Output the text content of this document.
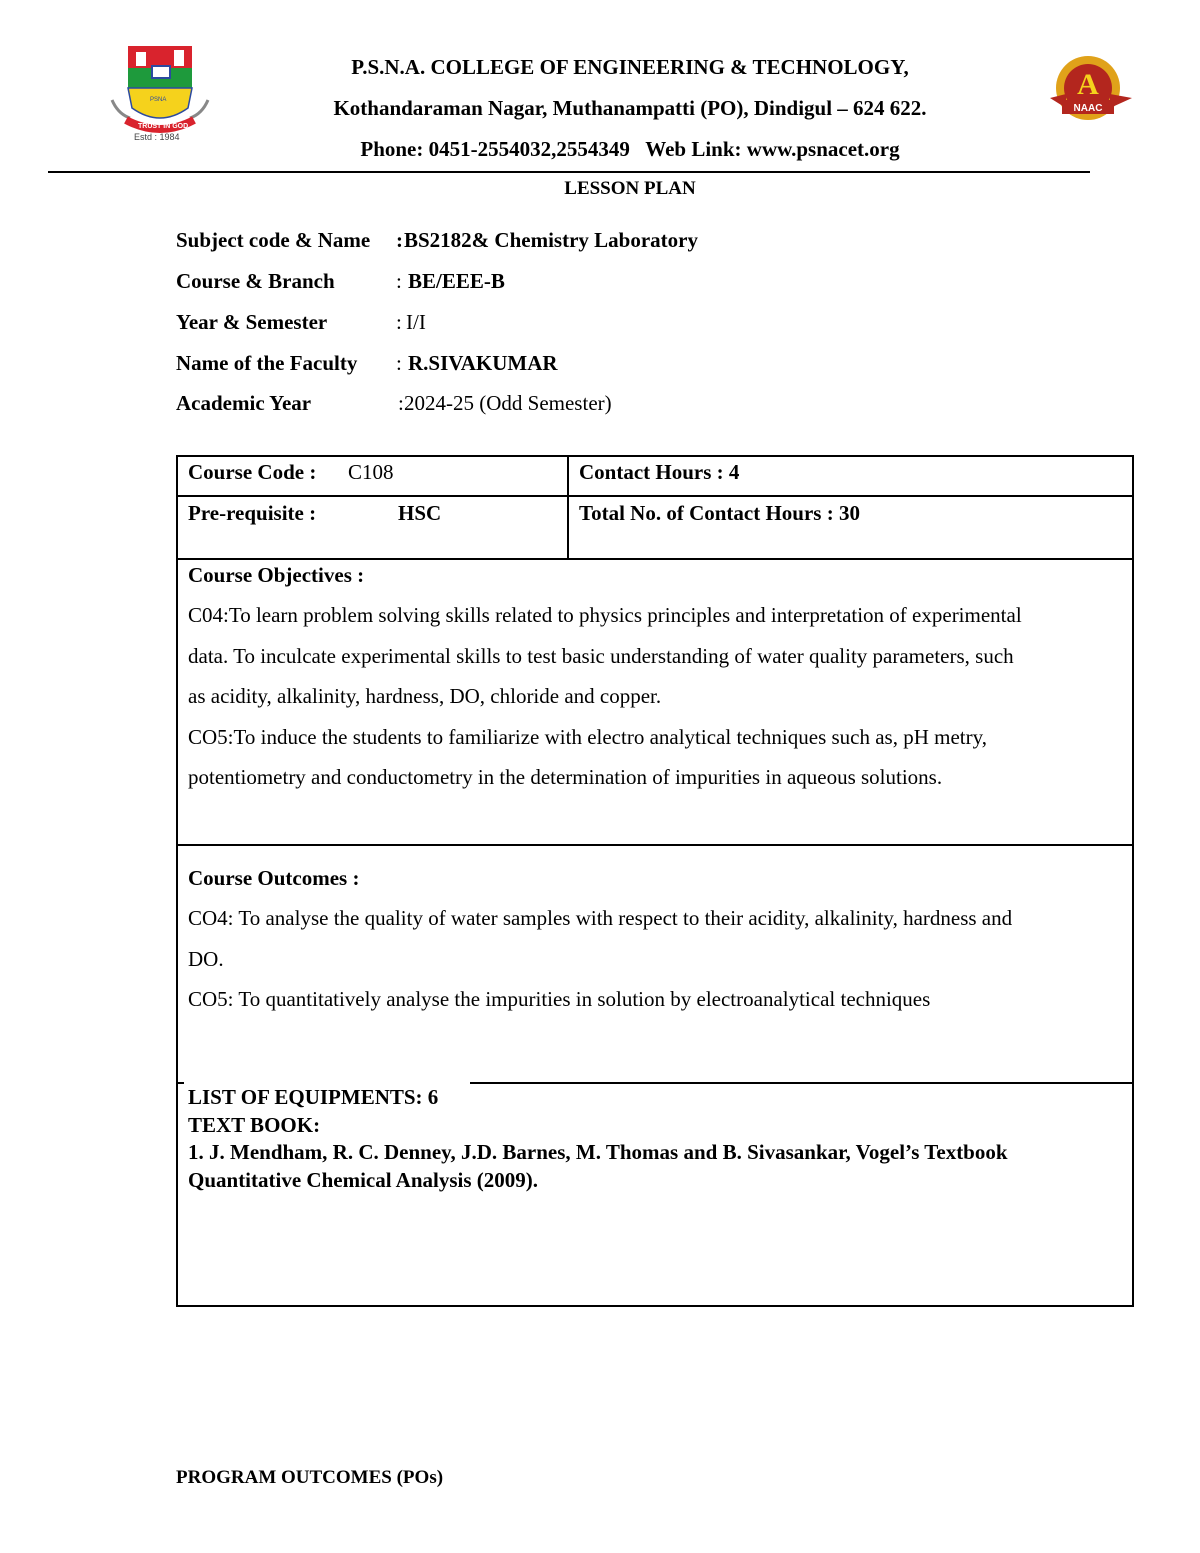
PSNA
TRUST IN GOD
Estd : 1984
A
NAAC
P.S.N.A. COLLEGE OF ENGINEERING & TECHNOLOGY,
Kothandaraman Nagar, Muthanampatti (PO), Dindigul – 624 622.
Phone: 0451-2554032,2554349   Web Link: www.psnacet.org
LESSON PLAN
Subject code & Name : BS2182& Chemistry Laboratory
Course & Branch	: BE/EEE-B
Year & Semester	: I/I
Name of the Faculty : R.SIVAKUMAR
Academic Year	: 2024-25 (Odd Semester)
Course Code : C108	Contact Hours : 4
Pre-requisite :	HSC	Total No. of Contact Hours : 30
Course Objectives :
C04:To learn problem solving skills related to physics principles and interpretation of experimental
data. To inculcate experimental skills to test basic understanding of water quality parameters, such
as acidity, alkalinity, hardness, DO, chloride and copper.
CO5:To induce the students to familiarize with electro analytical techniques such as, pH metry,
potentiometry and conductometry in the determination of impurities in aqueous solutions.
Course Outcomes :
CO4: To analyse the quality of water samples with respect to their acidity, alkalinity, hardness and
DO.
CO5: To quantitatively analyse the impurities in solution by electroanalytical techniques
LIST OF EQUIPMENTS: 6
TEXT BOOK:
1. J. Mendham, R. C. Denney, J.D. Barnes, M. Thomas and B. Sivasankar, Vogel’s Textbook
Quantitative Chemical Analysis (2009).
PROGRAM OUTCOMES (POs)
